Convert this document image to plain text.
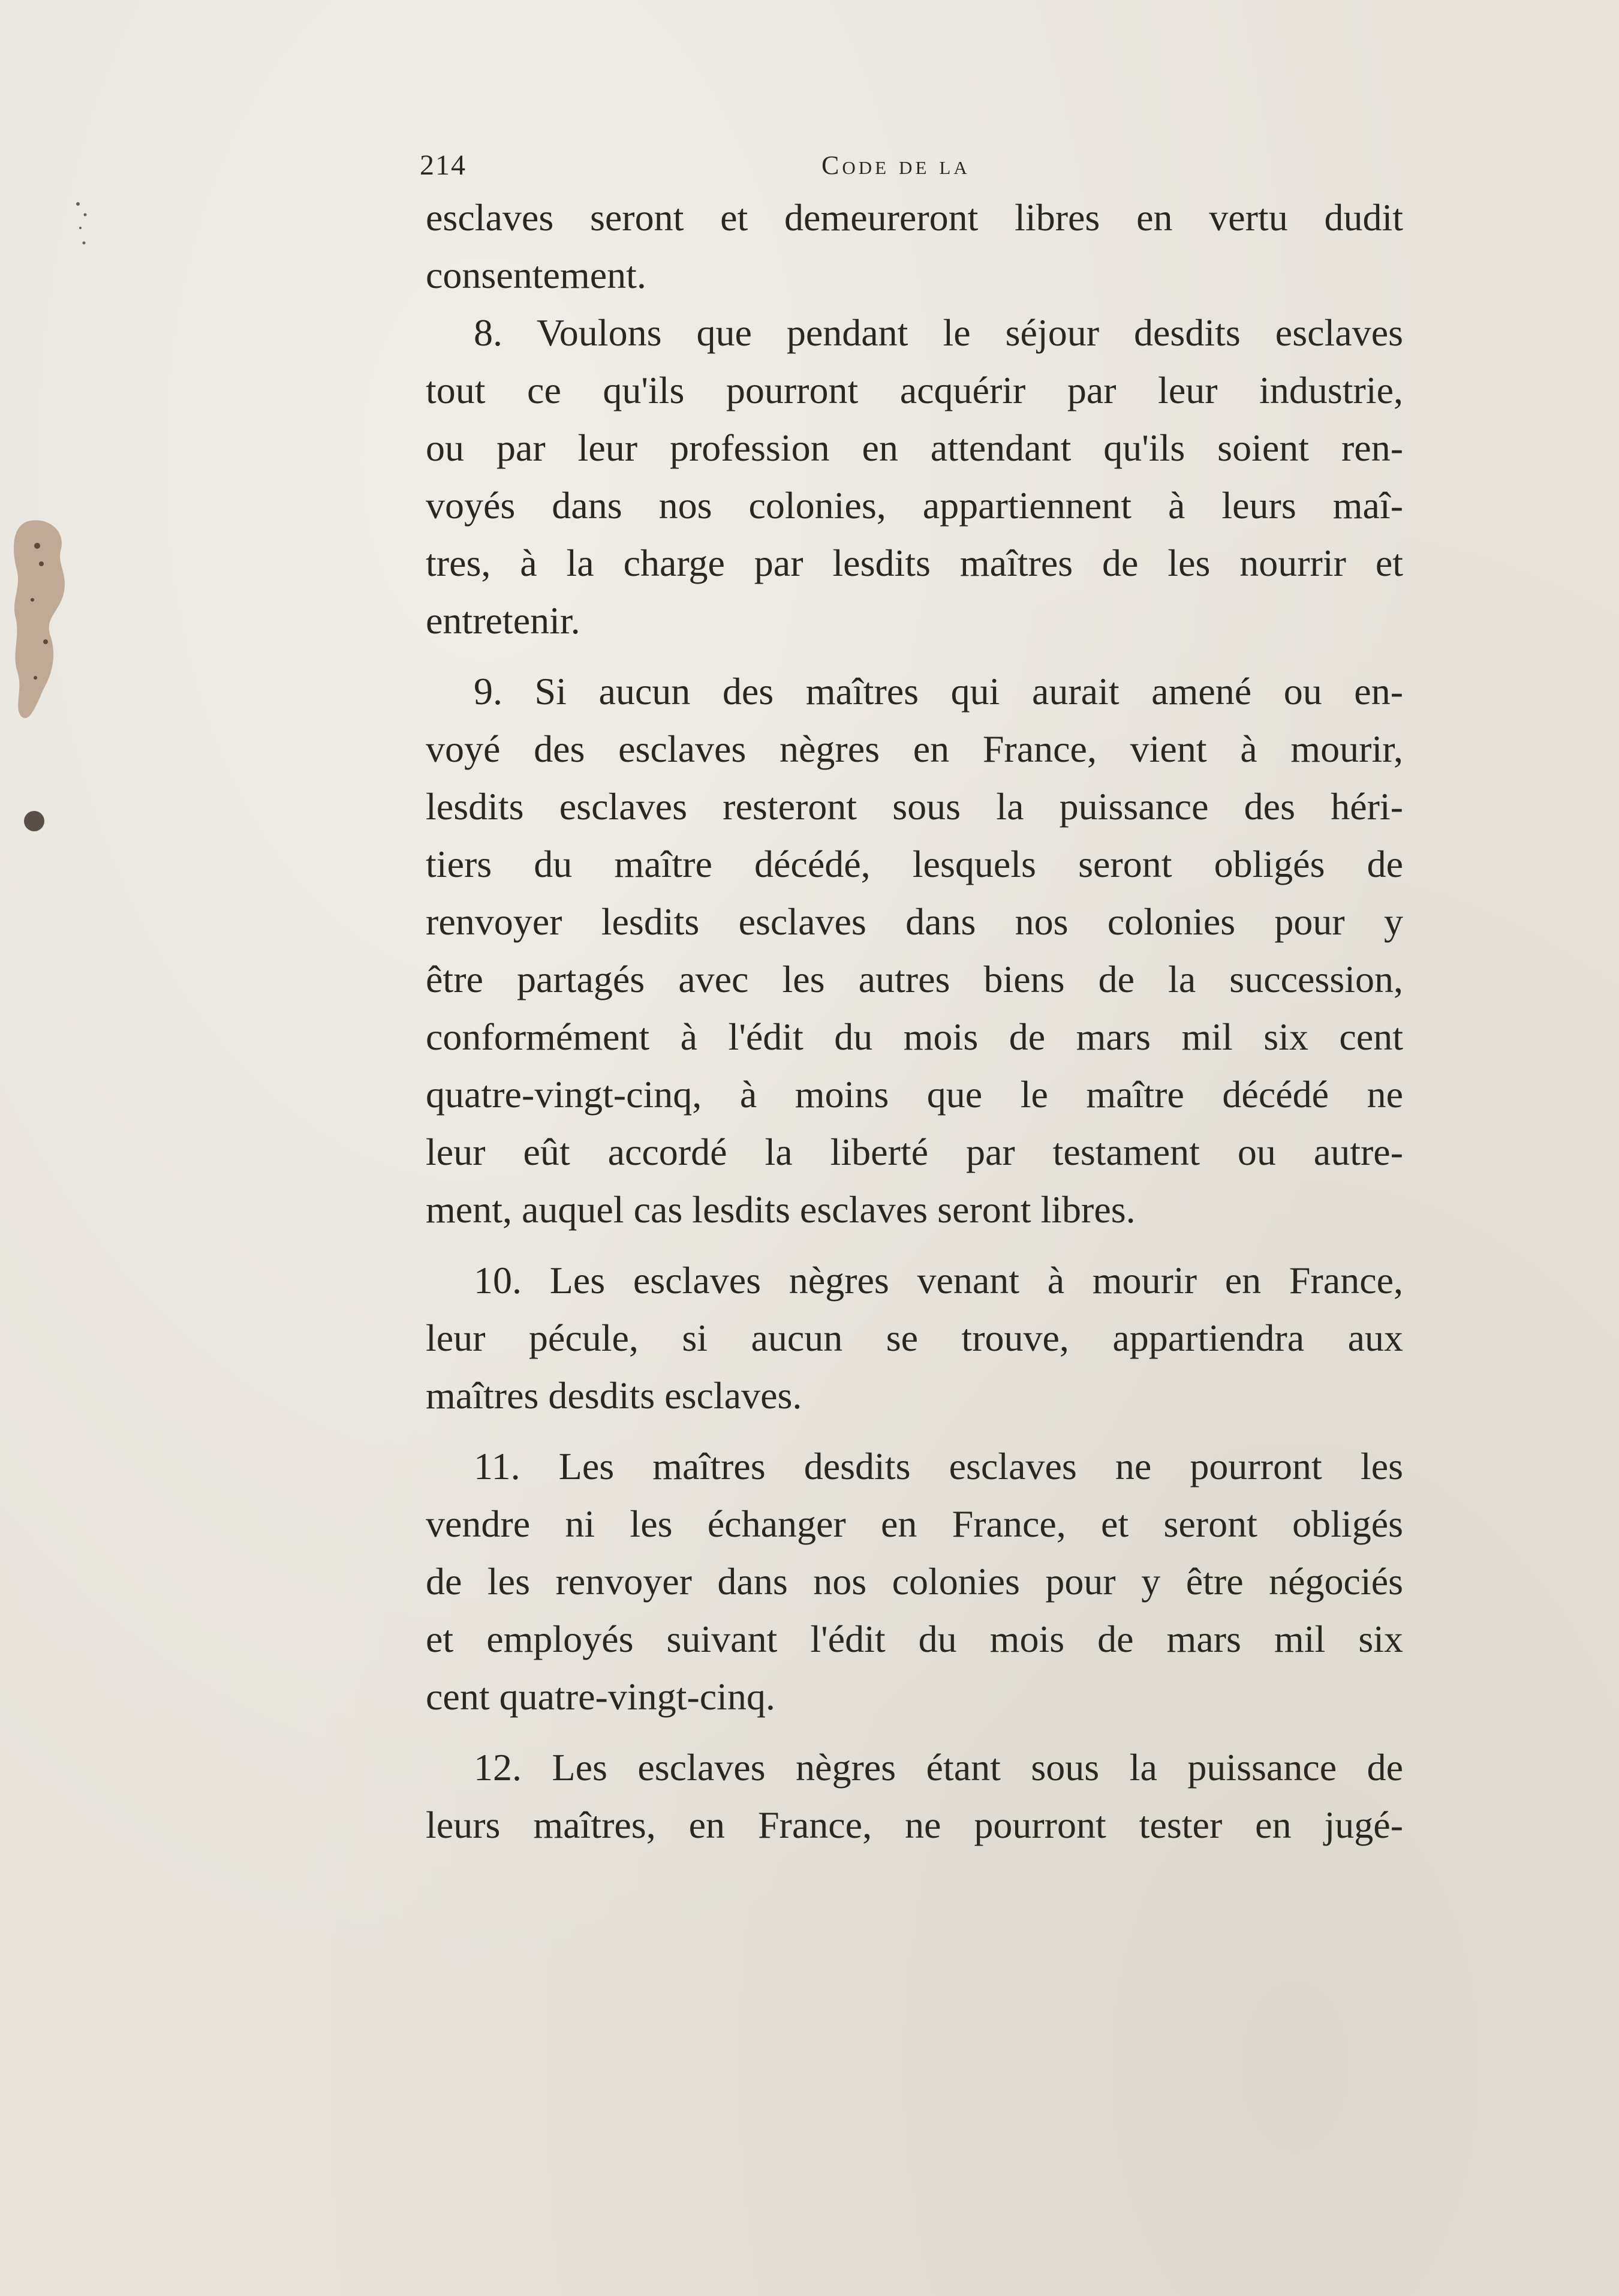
214	Code de la
esclaves seront et demeureront libres en vertu dudit
consentement.
8. Voulons que pendant le séjour desdits esclaves
tout ce qu'ils pourront acquérir par leur industrie,
ou par leur profession en attendant qu'ils soient ren-
voyés dans nos colonies, appartiennent à leurs maî-
tres, à la charge par lesdits maîtres de les nourrir et
entretenir.
9. Si aucun des maîtres qui aurait amené ou en-
voyé des esclaves nègres en France, vient à mourir,
lesdits esclaves resteront sous la puissance des héri-
tiers du maître décédé, lesquels seront obligés de
renvoyer lesdits esclaves dans nos colonies pour y
être partagés avec les autres biens de la succession,
conformément à l'édit du mois de mars mil six cent
quatre-vingt-cinq, à moins que le maître décédé ne
leur eût accordé la liberté par testament ou autre-
ment, auquel cas lesdits esclaves seront libres.
10. Les esclaves nègres venant à mourir en France,
leur pécule, si aucun se trouve, appartiendra aux
maîtres desdits esclaves.
11. Les maîtres desdits esclaves ne pourront les
vendre ni les échanger en France, et seront obligés
de les renvoyer dans nos colonies pour y être négociés
et employés suivant l'édit du mois de mars mil six
cent quatre-vingt-cinq.
12. Les esclaves nègres étant sous la puissance de
leurs maîtres, en France, ne pourront tester en jugé-
